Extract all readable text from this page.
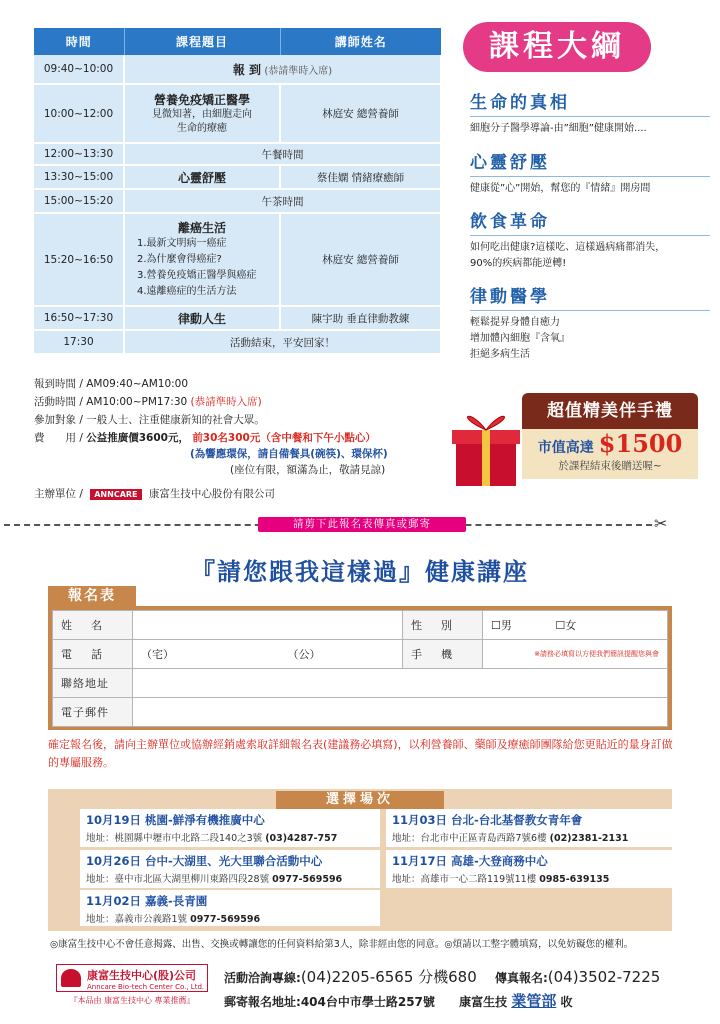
時間	課程題目	講師姓名
09:40~10:00	報 到 (恭請準時入席)	
10:00~12:00	營養免疫矯正醫學
見微知著，由細胞走向
生命的療癒	林庭安 總營養師
12:00~13:30	午餐時間	
13:30~15:00	心靈舒壓	蔡佳嫻 情緒療癒師
15:00~15:20	午茶時間	
15:20~16:50	離癌生活
1.最新文明病一癌症
2.為什麼會得癌症?
3.營養免疫矯正醫學與癌症
4.遠離癌症的生活方法	林庭安 總營養師
16:50~17:30	律動人生	陳宇助 垂直律動教練
17:30	活動結束，平安回家！	
課程大綱
生命的真相
細胞分子醫學導論-由”細胞”健康開始....
心靈舒壓
健康從”心”開始，幫您的『情緒』開房間
飲食革命
如何吃出健康?這樣吃、這樣過病痛都消失，
90%的疾病都能逆轉!
律動醫學
輕鬆提昇身體自癒力
增加體內細胞『含氧』
拒絕多病生活
報到時間 / AM09:40~AM10:00
活動時間 / AM10:00~PM17:30 (恭請準時入席)
參加對象 / 一般人士、注重健康新知的社會大眾。
費　　用 / 公益推廣價3600元， 前30名300元（含中餐和下午小點心）
(為響應環保，請自備餐具(碗筷)、環保杯)
(座位有限，額滿為止，敬請見諒)
超值精美伴手禮
市值高達 $1500
於課程結束後贈送喔~
主辦單位 / ANNCARE 康富生技中心股份有限公司
請剪下此報名表傳真或郵寄	✂
『請您跟我這樣過』健康講座
報名表
姓　名		性　別	☐男 ☐女
電　話	（宅） （公）	手　機	※請務必填寫以方便我們簡訊提醒您與會

聯絡地址			
電子郵件			
確定報名後，請向主辦單位或協辦經銷處索取詳細報名表(建議務必填寫)，以利營養師、藥師及療癒師團隊給您更貼近的量身訂做的專屬服務。
選擇場次
10月19日 桃園-鮮淨有機推廣中心
地址：桃園縣中壢市中北路二段140之3號 (03)4287-757
11月03日 台北-台北基督教女青年會
地址：台北市中正區青島西路7號6樓 (02)2381-2131
10月26日 台中-大湖里、光大里聯合活動中心
地址：臺中市北區大湖里柳川東路四段28號 0977-569596
11月17日 高雄-大登商務中心
地址：高雄市一心二路119號11樓 0985-639135
11月02日 嘉義-長青園
地址：嘉義市公義路1號 0977-569596
◎康富生技中心不會任意揭露、出售、交換或轉讓您的任何資料給第3人，除非經由您的同意。◎煩請以工整字體填寫，以免妨礙您的權利。
康富生技中心(股)公司
Anncare Bio-tech Center Co., Ltd.
『本品由 康富生技中心 專業推薦』
活動洽詢專線:(04)2205-6565 分機680 傳真報名:(04)3502-7225
郵寄報名地址:404台中市學士路257號 康富生技 業管部 收
